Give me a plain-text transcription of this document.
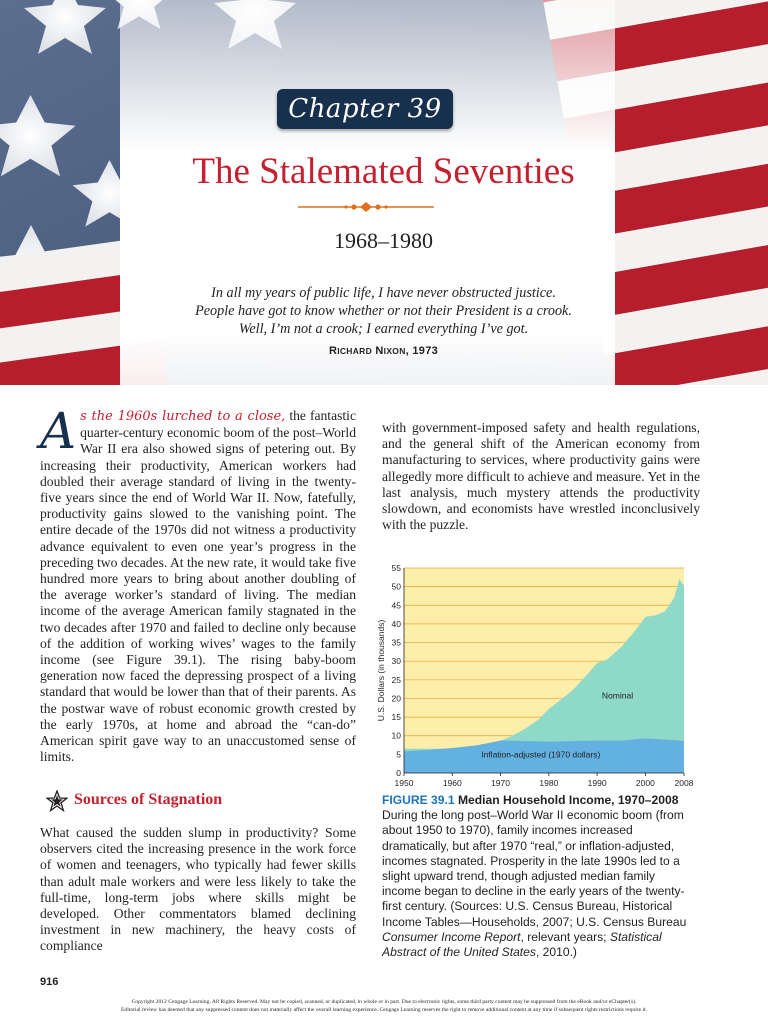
Chapter 39
The Stalemated Seventies
1968–1980
In all my years of public life, I have never obstructed justice.
People have got to know whether or not their President is a crook.
Well, I’m not a crook; I earned everything I’ve got.
RICHARD NIXON, 1973

As the 1960s lurched to a close, the fantastic quarter-century economic boom of the post–World War II era also showed signs of petering out. By increasing their productivity, American workers had doubled their average standard of living in the twenty-five years since the end of World War II. Now, fatefully, productivity gains slowed to the vanishing point. The entire decade of the 1970s did not witness a productivity advance equivalent to even one year’s progress in the preceding two decades. At the new rate, it would take five hundred more years to bring about another doubling of the average worker’s standard of living. The median income of the average American family stagnated in the two decades after 1970 and failed to decline only because of the addition of working wives’ wages to the family income (see Figure 39.1). The rising baby-boom generation now faced the depressing prospect of a living standard that would be lower than that of their parents. As the postwar wave of robust economic growth crested by the early 1970s, at home and abroad the “can-do” American spirit gave way to an unaccustomed sense of limits.

Sources of Stagnation

What caused the sudden slump in productivity? Some observers cited the increasing presence in the work force of women and teenagers, who typically had fewer skills than adult male workers and were less likely to take the full-time, long-term jobs where skills might be developed. Other commentators blamed declining investment in new machinery, the heavy costs of compliance

with government-imposed safety and health regulations, and the general shift of the American economy from manufacturing to services, where productivity gains were allegedly more difficult to achieve and measure. Yet in the last analysis, much mystery attends the productivity slowdown, and economists have wrestled inconclusively with the puzzle.

0
5
10
15
20
25
30
35
40
45
50
55
1950	1960	1970	1980	1990	2000 2008
U.S. Dollars (in thousands)	Nominal
Inflation-adjusted (1970 dollars)
FIGURE 39.1 Median Household Income, 1970–2008
During the long post–World War II economic boom (from about 1950 to 1970), family incomes increased dramatically, but after 1970 “real,” or inflation-adjusted, incomes stagnated. Prosperity in the late 1990s led to a slight upward trend, though adjusted median family income began to decline in the early years of the twenty-first century. (Sources: U.S. Census Bureau, Historical Income Tables—Households, 2007; U.S. Census Bureau Consumer Income Report, relevant years; Statistical Abstract of the United States, 2010.)
916
Copyright 2012 Cengage Learning. All Rights Reserved. May not be copied, scanned, or duplicated, in whole or in part. Due to electronic rights, some third party content may be suppressed from the eBook and/or eChapter(s).
Editorial review has deemed that any suppressed content does not materially affect the overall learning experience. Cengage Learning reserves the right to remove additional content at any time if subsequent rights restrictions require it.
